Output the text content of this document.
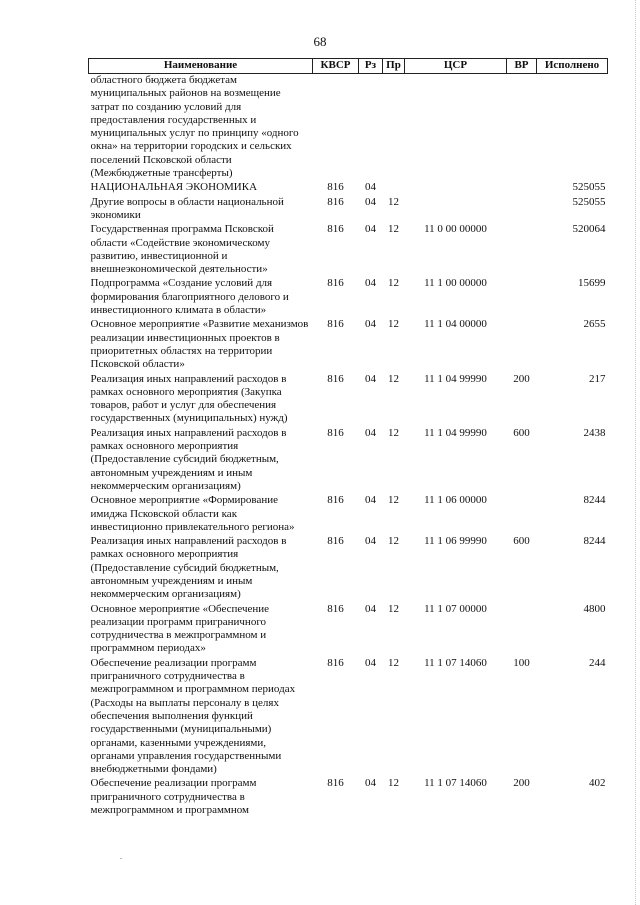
68
Наименование	КВСР	Рз	Пр	ЦСР	ВР	Исполнено
областного бюджета бюджетам муниципальных районов на возмещение затрат по созданию условий для предоставления государственных и муниципальных услуг по принципу «одного окна» на территории городских и сельских поселений Псковской области (Межбюджетные трансферты)						
НАЦИОНАЛЬНАЯ ЭКОНОМИКА	816	04				525055
Другие вопросы в области национальной экономики	816	04	12			525055
Государственная программа Псковской области «Содействие экономическому развитию, инвестиционной и внешнеэкономической деятельности»	816	04	12	11 0 00 00000		520064
Подпрограмма «Создание условий для формирования благоприятного делового и инвестиционного климата в области»	816	04	12	11 1 00 00000		15699
Основное мероприятие «Развитие механизмов реализации инвестиционных проектов в приоритетных областях на территории Псковской области»	816	04	12	11 1 04 00000		2655
Реализация иных направлений расходов в рамках основного мероприятия (Закупка товаров, работ и услуг для обеспечения государственных (муниципальных) нужд)	816	04	12	11 1 04 99990	200	217
Реализация иных направлений расходов в рамках основного мероприятия (Предоставление субсидий бюджетным, автономным учреждениям и иным некоммерческим организациям)	816	04	12	11 1 04 99990	600	2438
Основное мероприятие «Формирование имиджа Псковской области как инвестиционно привлекательного региона»	816	04	12	11 1 06 00000		8244
Реализация иных направлений расходов в рамках основного мероприятия (Предоставление субсидий бюджетным, автономным учреждениям и иным некоммерческим организациям)	816	04	12	11 1 06 99990	600	8244
Основное мероприятие «Обеспечение реализации программ приграничного сотрудничества в межпрограммном и программном периодах»	816	04	12	11 1 07 00000		4800
Обеспечение реализации программ приграничного сотрудничества в межпрограммном и программном периодах (Расходы на выплаты персоналу в целях обеспечения выполнения функций государственными (муниципальными) органами, казенными учреждениями, органами управления государственными внебюджетными фондами)	816	04	12	11 1 07 14060	100	244
Обеспечение реализации программ приграничного сотрудничества в межпрограммном и программном	816	04	12	11 1 07 14060	200	402
